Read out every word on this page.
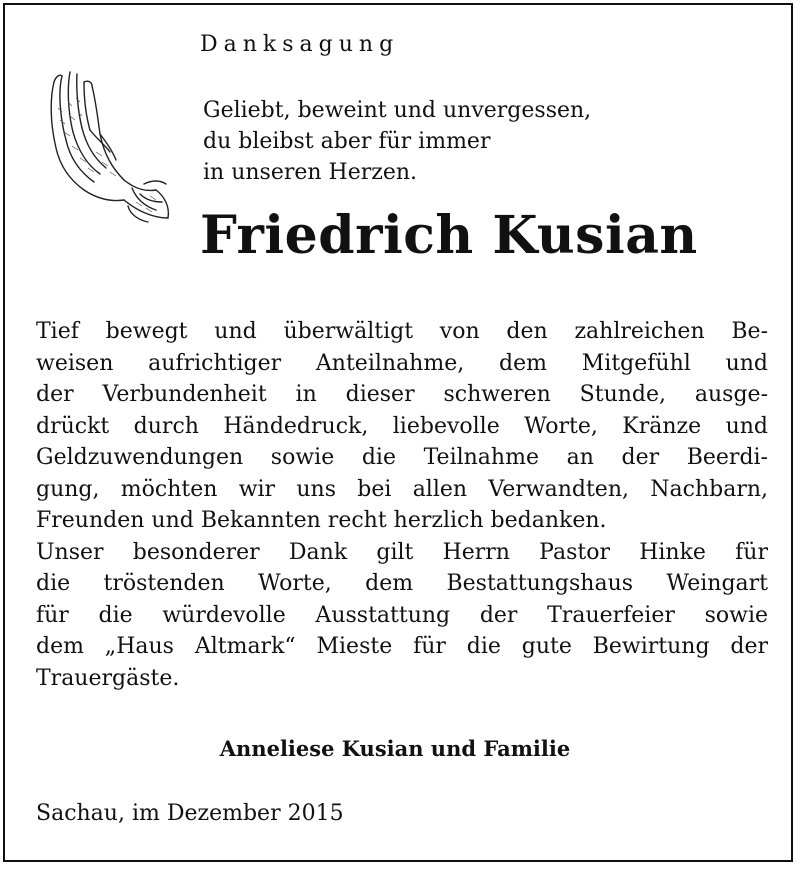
Danksagung

Geliebt, beweint und unvergessen,
du bleibst aber für immer
in unseren Herzen.

Friedrich Kusian

Tief bewegt und überwältigt von den zahlreichen Be-
weisen aufrichtiger Anteilnahme, dem Mitgefühl und
der Verbundenheit in dieser schweren Stunde, ausge-
drückt durch Händedruck, liebevolle Worte, Kränze und
Geldzuwendungen sowie die Teilnahme an der Beerdi-
gung, möchten wir uns bei allen Verwandten, Nachbarn,
Freunden und Bekannten recht herzlich bedanken.
Unser besonderer Dank gilt Herrn Pastor Hinke für
die tröstenden Worte, dem Bestattungshaus Weingart
für die würdevolle Ausstattung der Trauerfeier sowie
dem „Haus Altmark“ Mieste für die gute Bewirtung der
Trauergäste.

Anneliese Kusian und Familie

Sachau, im Dezember 2015
